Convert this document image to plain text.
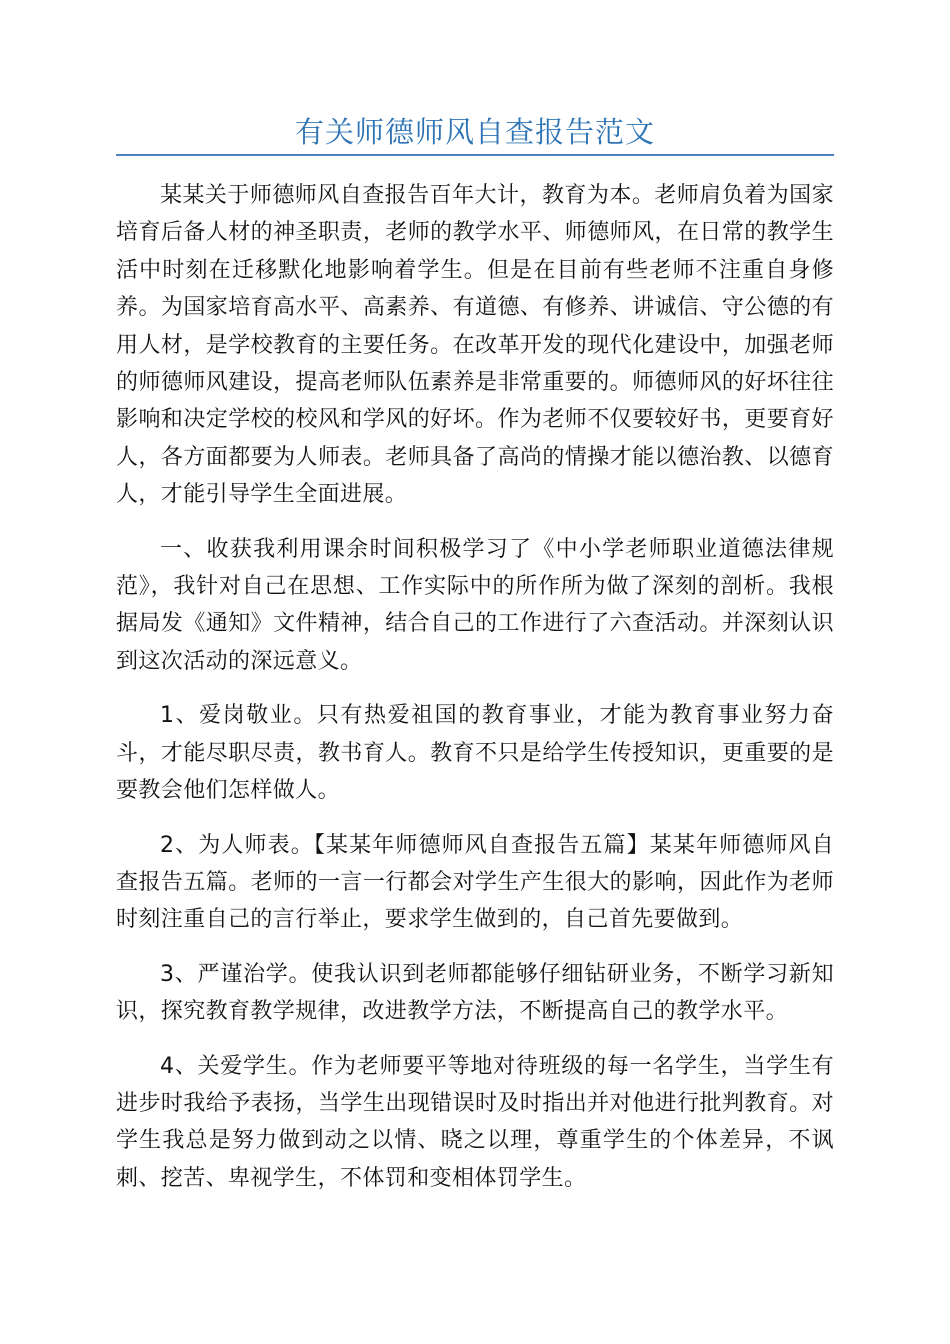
有关师德师风自查报告范文

某某关于师德师风自查报告百年大计，教育为本。老师肩负着为国家培育后备人材的神圣职责，老师的教学水平、师德师风，在日常的教学生活中时刻在迁移默化地影响着学生。但是在目前有些老师不注重自身修养。为国家培育高水平、高素养、有道德、有修养、讲诚信、守公德的有用人材，是学校教育的主要任务。在改革开发的现代化建设中，加强老师的师德师风建设，提高老师队伍素养是非常重要的。师德师风的好坏往往影响和决定学校的校风和学风的好坏。作为老师不仅要较好书，更要育好人，各方面都要为人师表。老师具备了高尚的情操才能以德治教、以德育人，才能引导学生全面进展。

一、收获我利用课余时间积极学习了《中小学老师职业道德法律规范》，我针对自己在思想、工作实际中的所作所为做了深刻的剖析。我根据局发《通知》文件精神，结合自己的工作进行了六查活动。并深刻认识到这次活动的深远意义。

1、爱岗敬业。只有热爱祖国的教育事业，才能为教育事业努力奋斗，才能尽职尽责，教书育人。教育不只是给学生传授知识，更重要的是要教会他们怎样做人。

2、为人师表。【某某年师德师风自查报告五篇】某某年师德师风自查报告五篇。老师的一言一行都会对学生产生很大的影响，因此作为老师时刻注重自己的言行举止，要求学生做到的，自己首先要做到。

3、严谨治学。使我认识到老师都能够仔细钻研业务，不断学习新知识，探究教育教学规律，改进教学方法，不断提高自己的教学水平。

4、关爱学生。作为老师要平等地对待班级的每一名学生，当学生有进步时我给予表扬，当学生出现错误时及时指出并对他进行批判教育。对学生我总是努力做到动之以情、晓之以理，尊重学生的个体差异，不讽刺、挖苦、卑视学生，不体罚和变相体罚学生。
